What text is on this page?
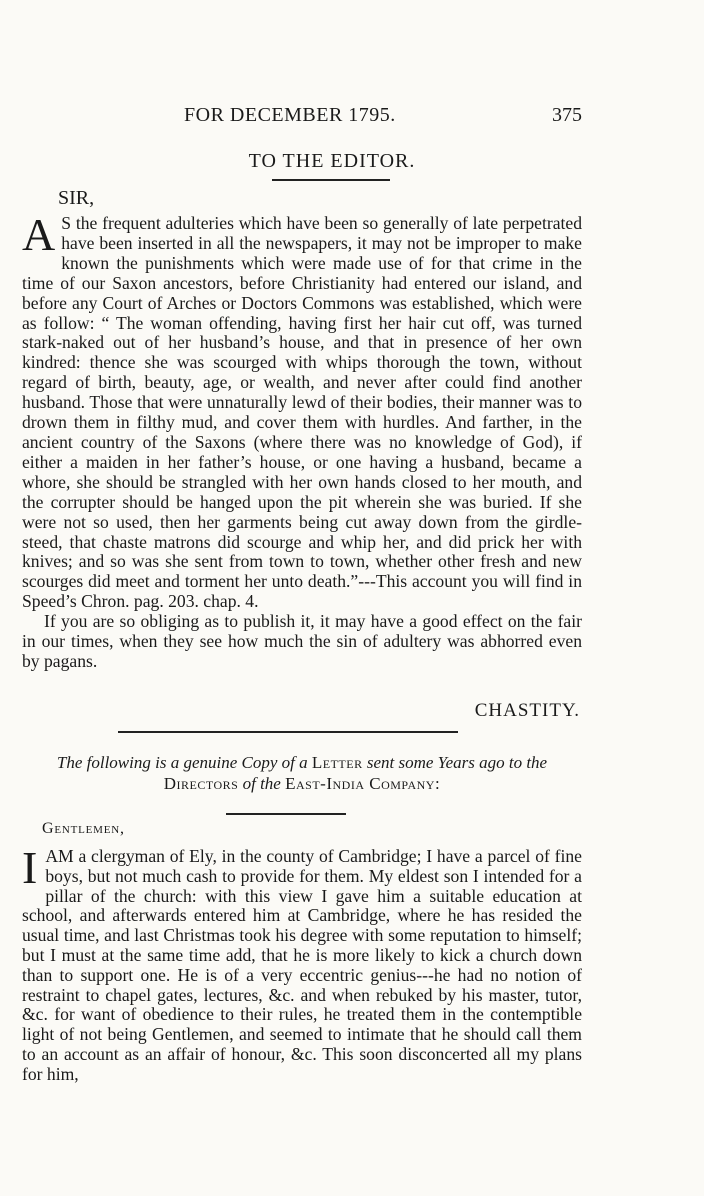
FOR DECEMBER 1795.	375
TO THE EDITOR.
SIR,

A S the frequent adulteries which have been so generally of late perpetrated have been inserted in all the newspapers, it may not be improper to make known the punishments which were made use of for that crime in the time of our Saxon ancestors, before Christianity had entered our island, and before any Court of Arches or Doctors Commons was established, which were as follow: “ The woman offending, having first her hair cut off, was turned stark-naked out of her husband’s house, and that in presence of her own kindred: thence she was scourged with whips thorough the town, without regard of birth, beauty, age, or wealth, and never after could find another husband. Those that were unnaturally lewd of their bodies, their manner was to drown them in filthy mud, and cover them with hurdles. And farther, in the ancient country of the Saxons (where there was no knowledge of God), if either a maiden in her father’s house, or one having a husband, became a whore, she should be strangled with her own hands closed to her mouth, and the corrupter should be hanged upon the pit wherein she was buried. If she were not so used, then her garments being cut away down from the girdle-steed, that chaste matrons did scourge and whip her, and did prick her with knives; and so was she sent from town to town, whether other fresh and new scourges did meet and torment her unto death.”---This account you will find in Speed’s Chron. pag. 203. chap. 4.

If you are so obliging as to publish it, it may have a good effect on the fair in our times, when they see how much the sin of adultery was abhorred even by pagans.

CHASTITY.
The following is a genuine Copy of a Letter sent some Years ago to the
Directors of the East-India Company:
Gentlemen,

IAM a clergyman of Ely, in the county of Cambridge; I have a parcel of fine boys, but not much cash to provide for them. My eldest son I intended for a pillar of the church: with this view I gave him a suitable education at school, and afterwards entered him at Cambridge, where he has resided the usual time, and last Christmas took his degree with some reputation to himself; but I must at the same time add, that he is more likely to kick a church down than to support one. He is of a very eccentric genius---he had no notion of restraint to chapel gates, lectures, &c. and when rebuked by his master, tutor, &c. for want of obedience to their rules, he treated them in the contemptible light of not being Gentlemen, and seemed to intimate that he should call them to an account as an affair of honour, &c. This soon disconcerted all my plans for him,
